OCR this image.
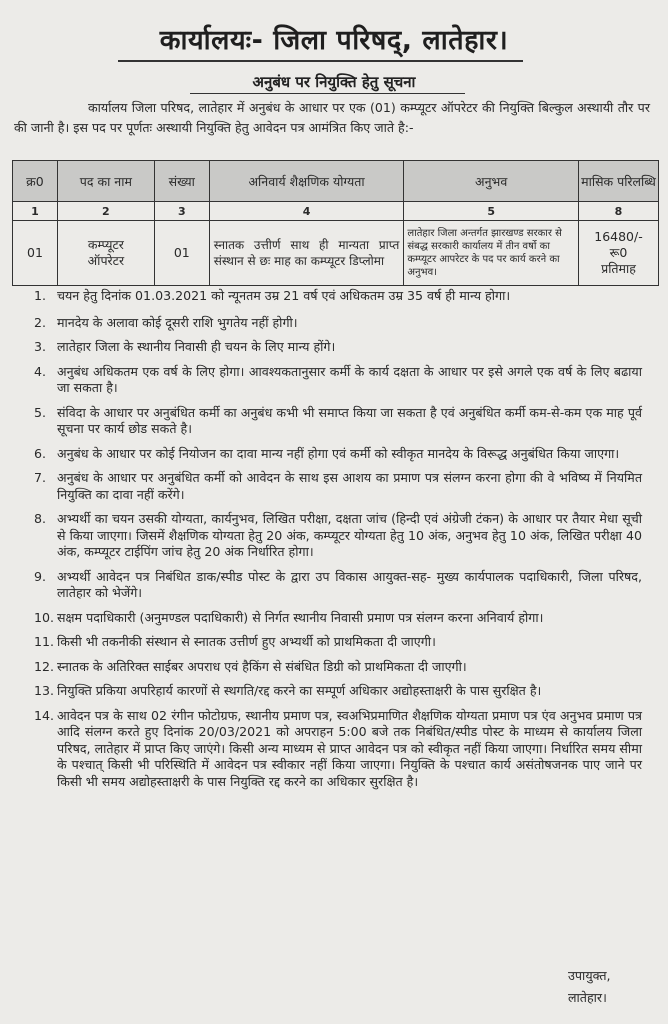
कार्यालयः- जिला परिषद्, लातेहार।
अनुबंध पर नियुक्ति हेतु सूचना

कार्यालय जिला परिषद, लातेहार में अनुबंध के आधार पर एक (01) कम्प्यूटर ऑपरेटर की नियुक्ति बिल्कुल अस्थायी तौर पर की जानी है। इस पद पर पूर्णतः अस्थायी नियुक्ति हेतु आवेदन पत्र आमंत्रित किए जाते है:-

क्र0	पद का नाम	संख्या	अनिवार्य शैक्षणिक योग्यता	अनुभव	मासिक परिलब्धि
1	2	3	4	5	8
01	कम्प्यूटर ऑपरेटर	01	स्नातक उत्तीर्ण साथ ही मान्यता प्राप्त संस्थान से छः माह का कम्प्यूटर डिप्लोमा	लातेहार जिला अन्तर्गत झारखण्ड सरकार से संबद्ध सरकारी कार्यालय में तीन वर्षो का कम्प्यूटर आपरेटर के पद पर कार्य करने का अनुभव।	16480/-रू0
प्रतिमाह
1. चयन हेतु दिनांक 01.03.2021 को न्यूनतम उम्र 21 वर्ष एवं अधिकतम उम्र 35 वर्ष ही मान्य होगा।
2. मानदेय के अलावा कोई दूसरी राशि भुगतेय नहीं होगी।
3. लातेहार जिला के स्थानीय निवासी ही चयन के लिए मान्य होंगे।
4. अनुबंध अधिकतम एक वर्ष के लिए होगा। आवश्यकतानुसार कर्मी के कार्य दक्षता के आधार पर इसे अगले एक वर्ष के लिए बढाया जा सकता है।
5. संविदा के आधार पर अनुबंधित कर्मी का अनुबंध कभी भी समाप्त किया जा सकता है एवं अनुबंधित कर्मी कम-से-कम एक माह पूर्व सूचना पर कार्य छोड सकते है।
6. अनुबंध के आधार पर कोई नियोजन का दावा मान्य नहीं होगा एवं कर्मी को स्वीकृत मानदेय के विरूद्ध अनुबंधित किया जाएगा।
7. अनुबंध के आधार पर अनुबंधित कर्मी को आवेदन के साथ इस आशय का प्रमाण पत्र संलग्न करना होगा की वे भविष्य में नियमित नियुक्ति का दावा नहीं करेंगे।
8. अभ्यर्थी का चयन उसकी योग्यता, कार्यनुभव, लिखित परीक्षा, दक्षता जांच (हिन्दी एवं अंग्रेजी टंकन) के आधार पर तैयार मेधा सूची से किया जाएगा। जिसमें शैक्षणिक योग्यता हेतु 20 अंक, कम्प्यूटर योग्यता हेतु 10 अंक, अनुभव हेतु 10 अंक, लिखित परीक्षा 40 अंक, कम्प्यूटर टाईपिंग जांच हेतु 20 अंक निर्धारित होगा।
9. अभ्यर्थी आवेदन पत्र निबंधित डाक/स्पीड पोस्ट के द्वारा उप विकास आयुक्त-सह- मुख्य कार्यपालक पदाधिकारी, जिला परिषद, लातेहार को भेजेंगे।
10. सक्षम पदाधिकारी (अनुमण्डल पदाधिकारी) से निर्गत स्थानीय निवासी प्रमाण पत्र संलग्न करना अनिवार्य होगा।
11. किसी भी तकनीकी संस्थान से स्नातक उत्तीर्ण हुए अभ्यर्थी को प्राथमिकता दी जाएगी।
12. स्नातक के अतिरिक्त साईबर अपराध एवं हैकिंग से संबंधित डिग्री को प्राथमिकता दी जाएगी।
13. नियुक्ति प्रकिया अपरिहार्य कारणों से स्थगति/रद्द करने का सम्पूर्ण अधिकार अद्योहस्ताक्षरी के पास सुरक्षित है।
14. आवेदन पत्र के साथ 02 रंगीन फोटोग्रफ, स्थानीय प्रमाण पत्र, स्वअभिप्रमाणित शैक्षणिक योग्यता प्रमाण पत्र एंव अनुभव प्रमाण पत्र आदि संलग्न करते हुए दिनांक 20/03/2021 को अपराहन 5:00 बजे तक निबंधित/स्पीड पोस्ट के माध्यम से कार्यालय जिला परिषद, लातेहार में प्राप्त किए जाएंगे। किसी अन्य माध्यम से प्राप्त आवेदन पत्र को स्वीकृत नहीं किया जाएगा। निर्धारित समय सीमा के पश्चात् किसी भी परिस्थिति में आवेदन पत्र स्वीकार नहीं किया जाएगा। नियुक्ति के पश्चात कार्य असंतोषजनक पाए जाने पर किसी भी समय अद्योहस्ताक्षरी के पास नियुक्ति रद्द करने का अधिकार सुरक्षित है।
उपायुक्त,
लातेहार।
